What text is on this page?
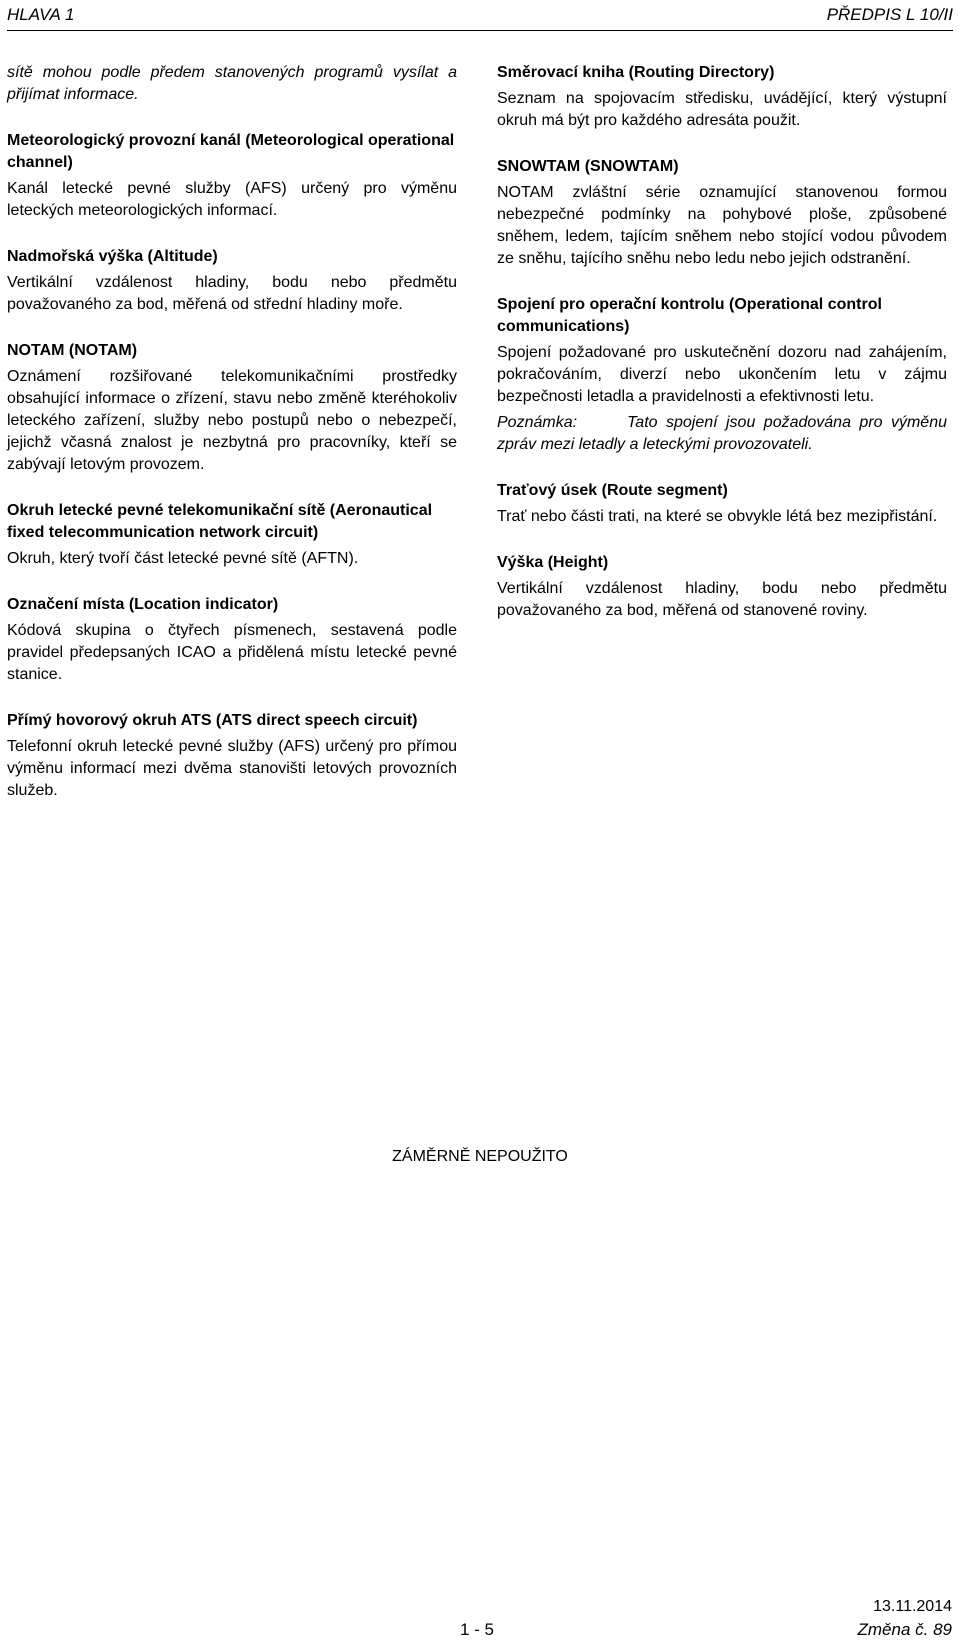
HLAVA 1	PŘEDPIS L 10/II

sítě mohou podle předem stanovených programů vysílat a přijímat informace.

Meteorologický provozní kanál (Meteorological operational channel)

Kanál letecké pevné služby (AFS) určený pro výměnu leteckých meteorologických informací.

Nadmořská výška (Altitude)

Vertikální vzdálenost hladiny, bodu nebo předmětu považovaného za bod, měřená od střední hladiny moře.

NOTAM (NOTAM)

Oznámení rozšiřované telekomunikačními prostředky obsahující informace o zřízení, stavu nebo změně kteréhokoliv leteckého zařízení, služby nebo postupů nebo o nebezpečí, jejichž včasná znalost je nezbytná pro pracovníky, kteří se zabývají letovým provozem.

Okruh letecké pevné telekomunikační sítě (Aeronautical fixed telecommunication network circuit)

Okruh, který tvoří část letecké pevné sítě (AFTN).

Označení místa (Location indicator)

Kódová skupina o čtyřech písmenech, sestavená podle pravidel předepsaných ICAO a přidělená místu letecké pevné stanice.

Přímý hovorový okruh ATS (ATS direct speech circuit)

Telefonní okruh letecké pevné služby (AFS) určený pro přímou výměnu informací mezi dvěma stanovišti letových provozních služeb.

Směrovací kniha (Routing Directory)

Seznam na spojovacím středisku, uvádějící, který výstupní okruh má být pro každého adresáta použit.

SNOWTAM (SNOWTAM)

NOTAM zvláštní série oznamující stanovenou formou nebezpečné podmínky na pohybové ploše, způsobené sněhem, ledem, tajícím sněhem nebo stojící vodou původem ze sněhu, tajícího sněhu nebo ledu nebo jejich odstranění.

Spojení pro operační kontrolu (Operational control communications)

Spojení požadované pro uskutečnění dozoru nad zahájením, pokračováním, diverzí nebo ukončením letu v zájmu bezpečnosti letadla a pravidelnosti a efektivnosti letu.

Poznámka:	Tato spojení jsou požadována pro výměnu zpráv mezi letadly a leteckými provozovateli.

Traťový úsek (Route segment)

Trať nebo části trati, na které se obvykle létá bez mezipřistání.

Výška (Height)

Vertikální vzdálenost hladiny, bodu nebo předmětu považovaného za bod, měřená od stanovené roviny.

ZÁMĚRNĚ NEPOUŽITO
13.11.2014
1 - 5	Změna č. 89
